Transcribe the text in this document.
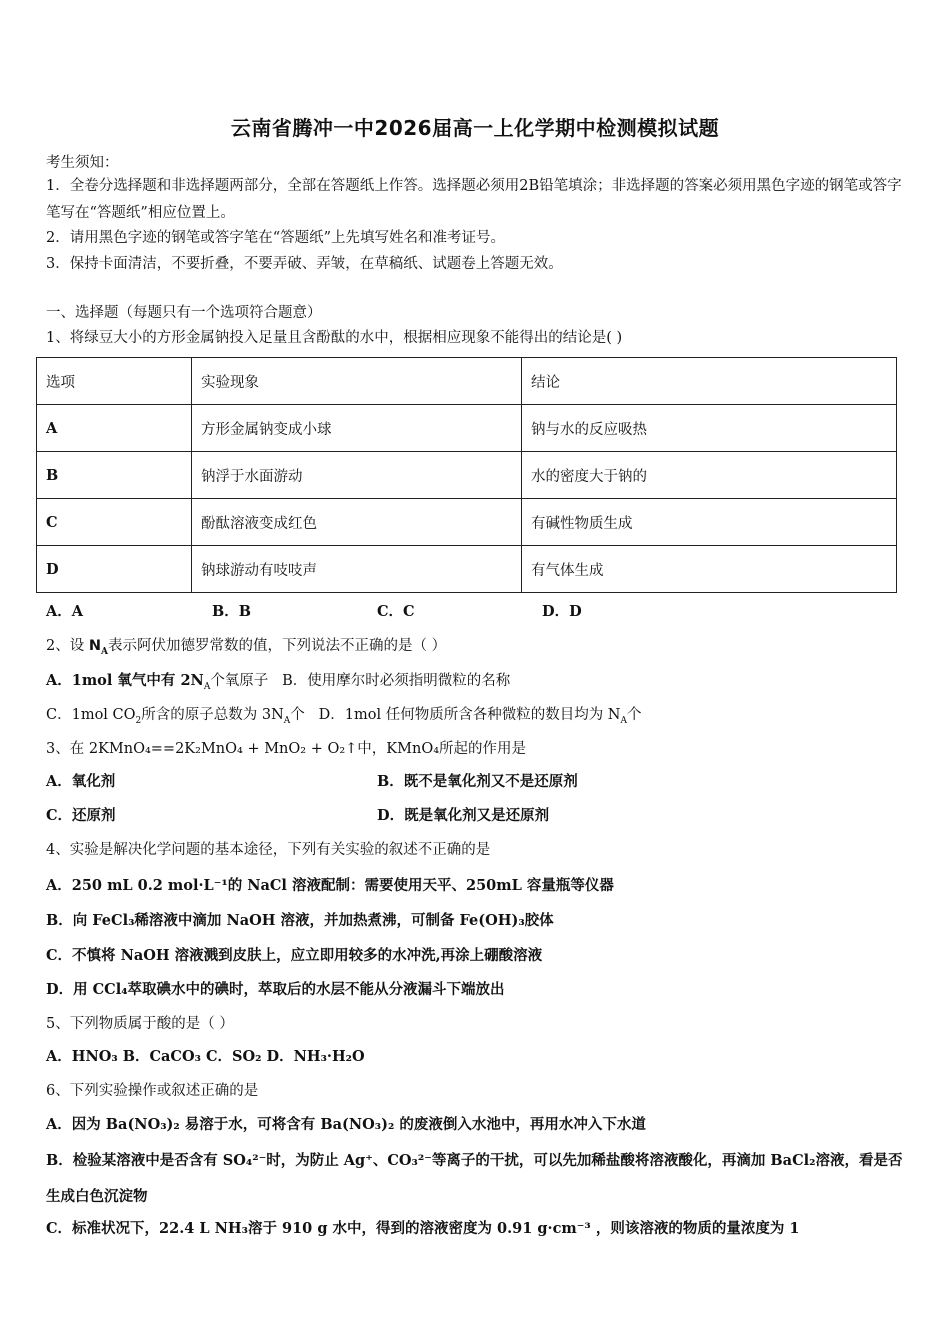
云南省腾冲一中2026届高一上化学期中检测模拟试题
考生须知：
1．全卷分选择题和非选择题两部分，全部在答题纸上作答。选择题必须用2B铅笔填涂；非选择题的答案必须用黑色字迹的钢笔或答字笔写在“答题纸”相应位置上。
2．请用黑色字迹的钢笔或答字笔在“答题纸”上先填写姓名和准考证号。
3．保持卡面清洁，不要折叠，不要弄破、弄皱，在草稿纸、试题卷上答题无效。
一、选择题（每题只有一个选项符合题意）
1、将绿豆大小的方形金属钠投入足量且含酚酞的水中，根据相应现象不能得出的结论是( )
选项	实验现象	结论
A	方形金属钠变成小球	钠与水的反应吸热
B	钠浮于水面游动	水的密度大于钠的
C	酚酞溶液变成红色	有碱性物质生成
D	钠球游动有吱吱声	有气体生成
A．A	B．B	C．C	D．D
2、设 $N_A$表示阿伏加德罗常数的值，下列说法不正确的是（ ）
A．1mol 氧气中有 $2N_A$个氧原子 B．使用摩尔时必须指明微粒的名称
C．1mol $CO_2$所含的原子总数为 $3N_A$个 D．1mol 任何物质所含各种微粒的数目均为 $N_A$个
3、在 2KMnO₄==2K₂MnO₄ + MnO₂ + O₂↑中，KMnO₄所起的作用是
A．氧化剂	B．既不是氧化剂又不是还原剂
C．还原剂	D．既是氧化剂又是还原剂
4、实验是解决化学问题的基本途径，下列有关实验的叙述不正确的是
A．250 mL 0.2 mol·L⁻¹的 NaCl 溶液配制：需要使用天平、250mL 容量瓶等仪器
B．向 FeCl₃稀溶液中滴加 NaOH 溶液，并加热煮沸，可制备 Fe(OH)₃胶体
C．不慎将 NaOH 溶液溅到皮肤上，应立即用较多的水冲洗,再涂上硼酸溶液
D．用 CCl₄萃取碘水中的碘时，萃取后的水层不能从分液漏斗下端放出
5、下列物质属于酸的是（ ）
A．HNO₃ B．CaCO₃ C．SO₂ D．NH₃·H₂O
6、下列实验操作或叙述正确的是
A．因为 Ba(NO₃)₂ 易溶于水，可将含有 Ba(NO₃)₂ 的废液倒入水池中，再用水冲入下水道
B．检验某溶液中是否含有 SO₄²⁻时，为防止 Ag⁺、CO₃²⁻等离子的干扰，可以先加稀盐酸将溶液酸化，再滴加 BaCl₂溶液，看是否生成白色沉淀物
C．标准状况下，22.4 L NH₃溶于 910 g 水中，得到的溶液密度为 0.91 g·cm⁻³ ，则该溶液的物质的量浓度为 1
